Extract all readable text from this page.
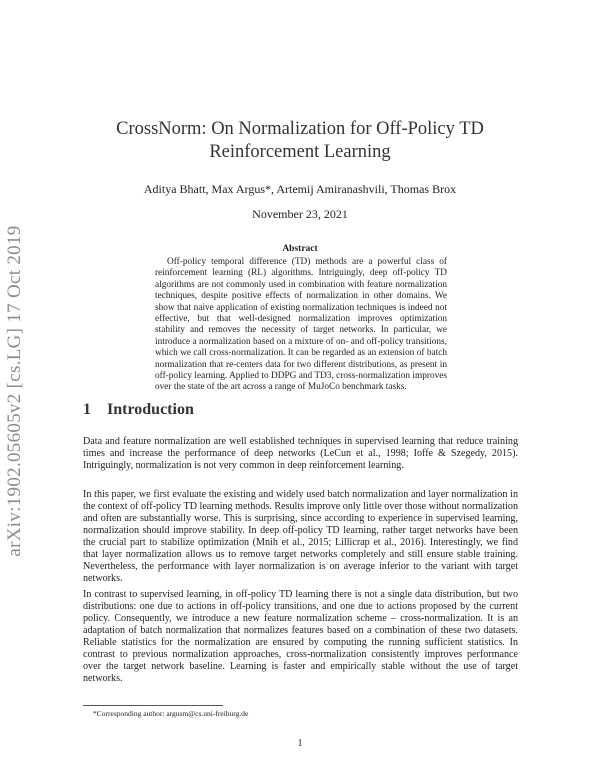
arXiv:1902.05605v2 [cs.LG] 17 Oct 2019
CrossNorm: On Normalization for Off-Policy TD
Reinforcement Learning
Aditya Bhatt, Max Argus*, Artemij Amiranashvili, Thomas Brox
November 23, 2021
Abstract
Off-policy temporal difference (TD) methods are a powerful class of reinforcement learning (RL) algorithms. Intriguingly, deep off-policy TD algorithms are not commonly used in combination with feature normalization techniques, despite positive effects of normalization in other domains. We show that naive application of existing normalization techniques is indeed not effective, but that well-designed normalization improves optimization stability and removes the necessity of target networks. In particular, we introduce a normalization based on a mixture of on- and off-policy transitions, which we call cross-normalization. It can be regarded as an extension of batch normalization that re-centers data for two different distributions, as present in off-policy learning. Applied to DDPG and TD3, cross-normalization improves over the state of the art across a range of MuJoCo benchmark tasks.
1 Introduction
Data and feature normalization are well established techniques in supervised learning that reduce training times and increase the performance of deep networks (LeCun et al., 1998; Ioffe & Szegedy, 2015). Intriguingly, normalization is not very common in deep reinforcement learning.
In this paper, we first evaluate the existing and widely used batch normalization and layer normalization in the context of off-policy TD learning methods. Results improve only little over those without normalization and often are substantially worse. This is surprising, since according to experience in supervised learning, normalization should improve stability. In deep off-policy TD learning, rather target networks have been the crucial part to stabilize optimization (Mnih et al., 2015; Lillicrap et al., 2016). Interestingly, we find that layer normalization allows us to remove target networks completely and still ensure stable training. Nevertheless, the performance with layer normalization is on average inferior to the variant with target networks.
In contrast to supervised learning, in off-policy TD learning there is not a single data distribution, but two distributions: one due to actions in off-policy transitions, and one due to actions proposed by the current policy. Consequently, we introduce a new feature normalization scheme – cross-normalization. It is an adaptation of batch normalization that normalizes features based on a combination of these two datasets. Reliable statistics for the normalization are ensured by computing the running sufficient statistics. In contrast to previous normalization approaches, cross-normalization consistently improves performance over the target network baseline. Learning is faster and empirically stable without the use of target networks.
*Corresponding author: argusm@cs.uni-freiburg.de
1
